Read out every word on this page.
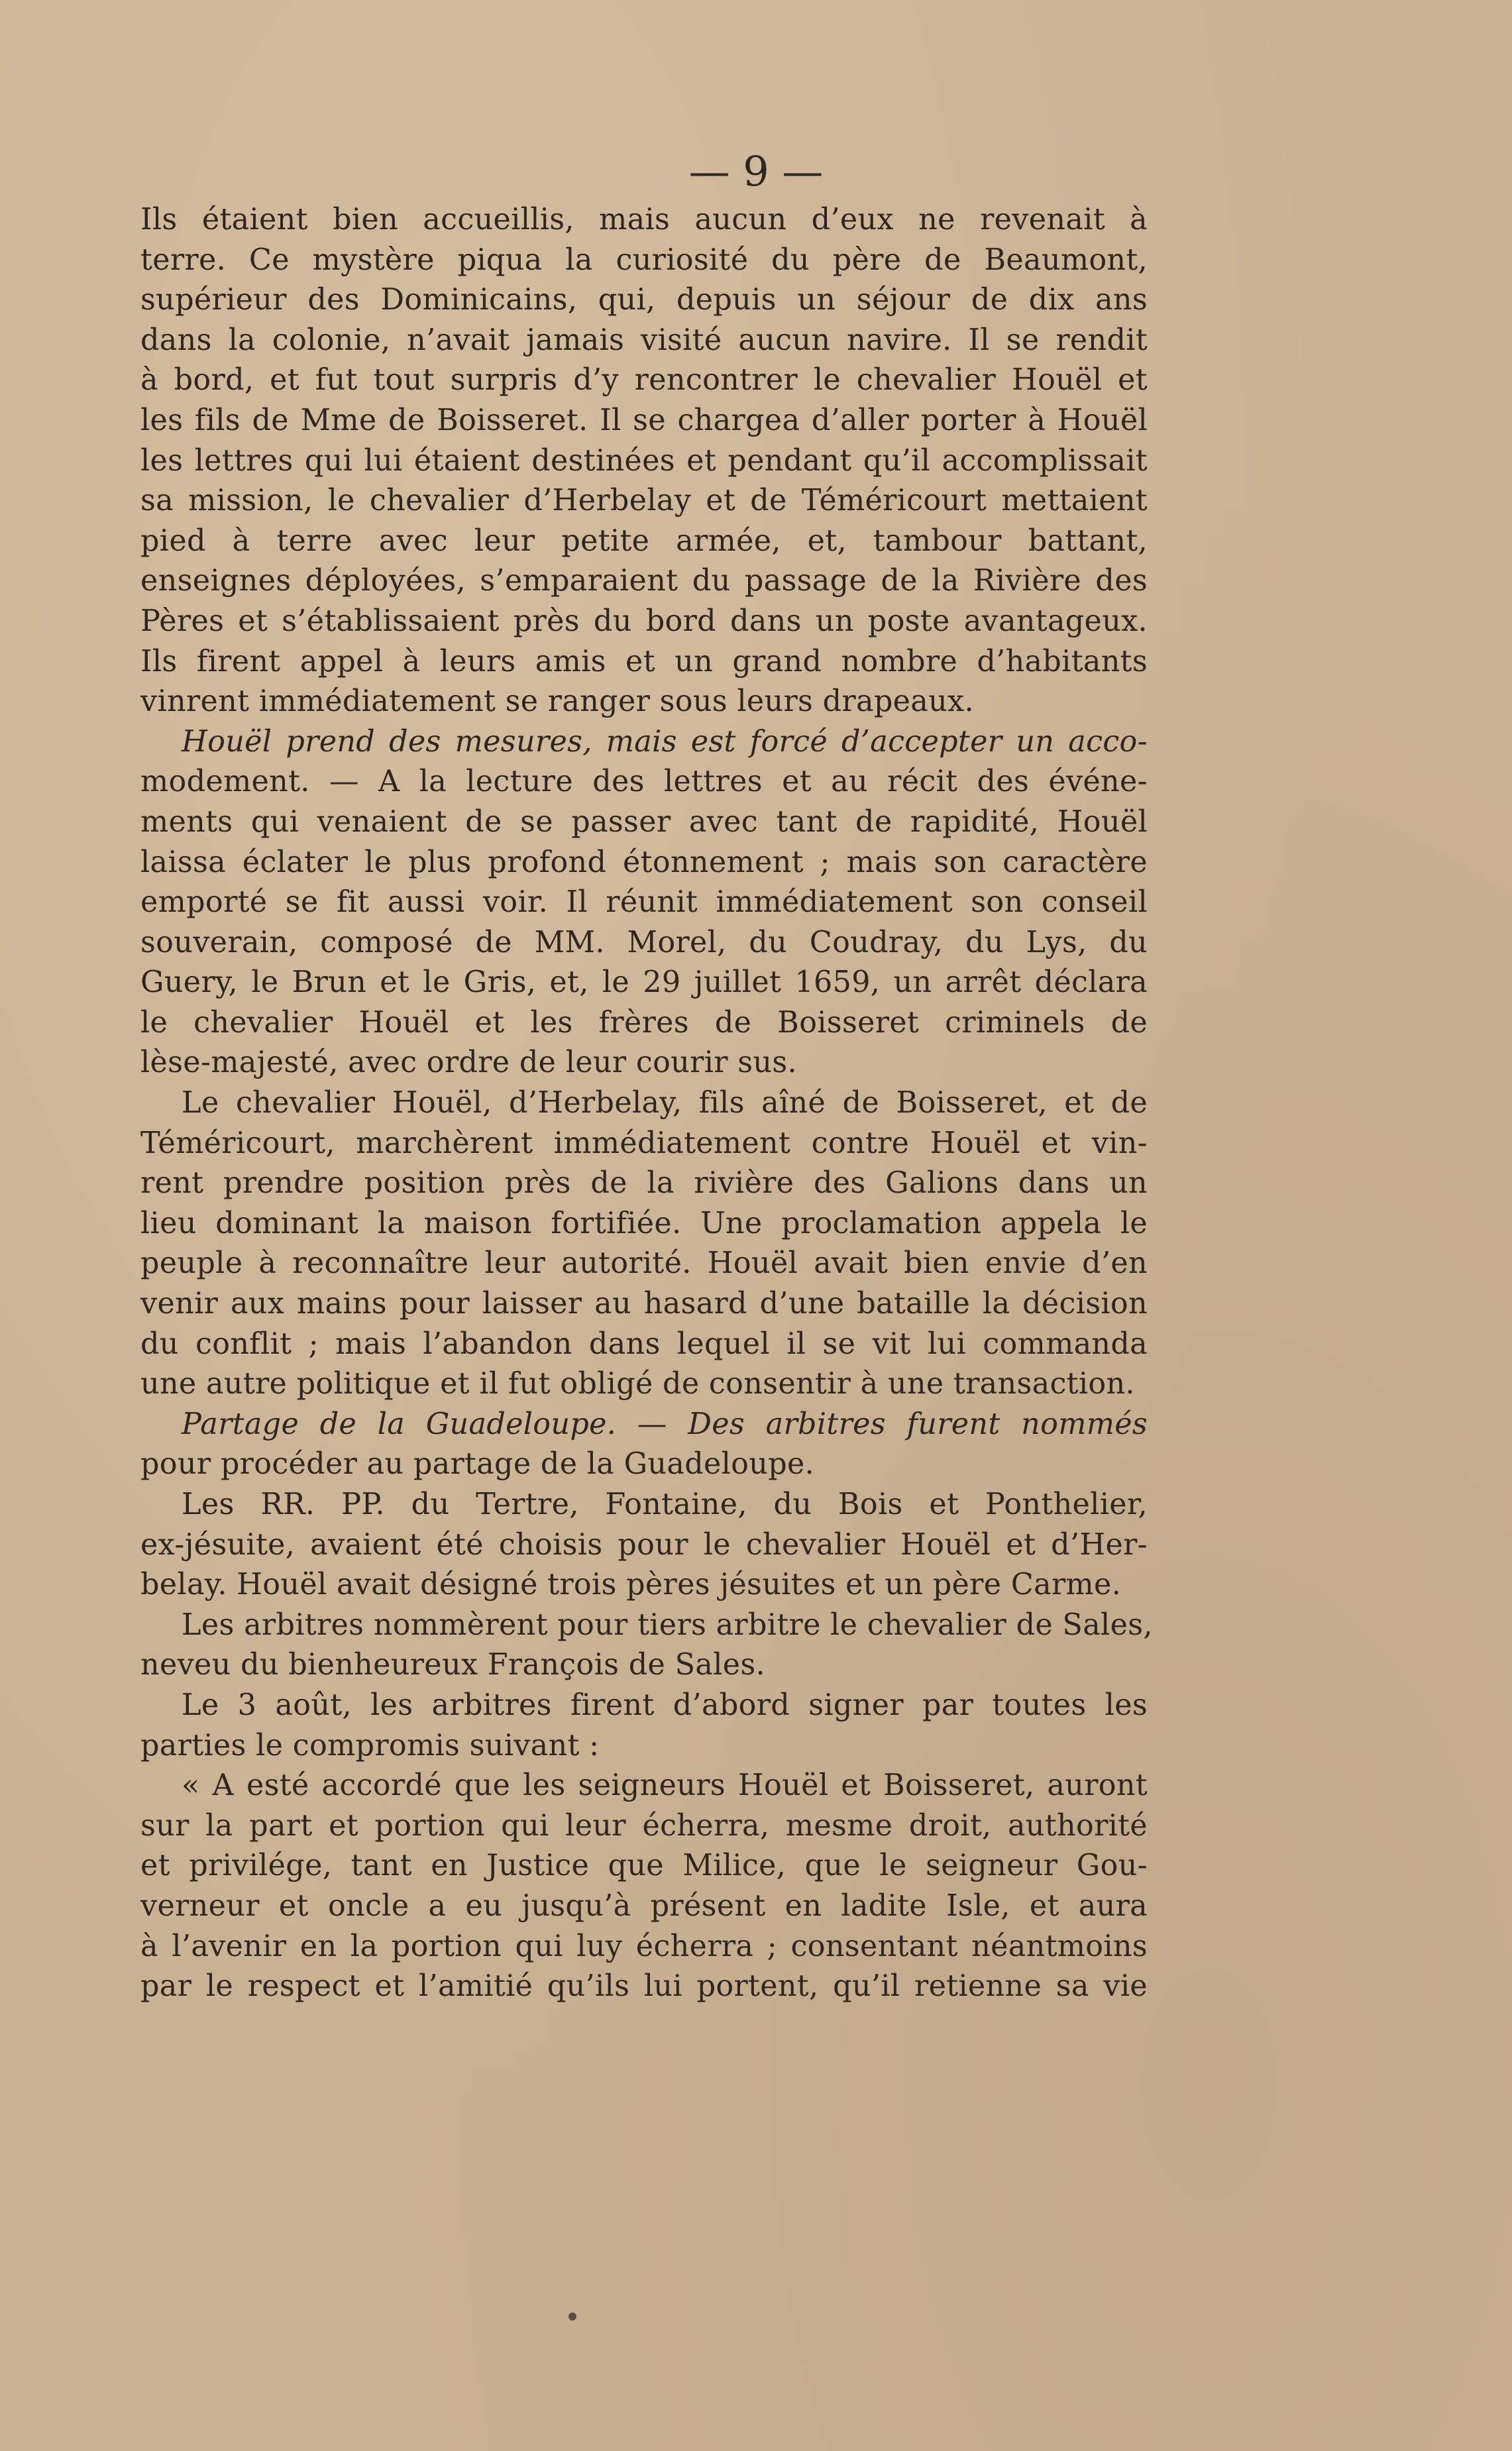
— 9 —
Ils étaient bien accueillis, mais aucun d’eux ne revenait à
terre. Ce mystère piqua la curiosité du père de Beaumont,
supérieur des Dominicains, qui, depuis un séjour de dix ans
dans la colonie, n’avait jamais visité aucun navire. Il se rendit
à bord, et fut tout surpris d’y rencontrer le chevalier Houël et
les fils de Mme de Boisseret. Il se chargea d’aller porter à Houël
les lettres qui lui étaient destinées et pendant qu’il accomplissait
sa mission, le chevalier d’Herbelay et de Téméricourt mettaient
pied à terre avec leur petite armée, et, tambour battant,
enseignes déployées, s’emparaient du passage de la Rivière des
Pères et s’établissaient près du bord dans un poste avantageux.
Ils firent appel à leurs amis et un grand nombre d’habitants
vinrent immédiatement se ranger sous leurs drapeaux.
Houël prend des mesures, mais est forcé d’accepter un acco-
modement. — A la lecture des lettres et au récit des événe-
ments qui venaient de se passer avec tant de rapidité, Houël
laissa éclater le plus profond étonnement ; mais son caractère
emporté se fit aussi voir. Il réunit immédiatement son conseil
souverain, composé de MM. Morel, du Coudray, du Lys, du
Guery, le Brun et le Gris, et, le 29 juillet 1659, un arrêt déclara
le chevalier Houël et les frères de Boisseret criminels de
lèse-majesté, avec ordre de leur courir sus.
Le chevalier Houël, d’Herbelay, fils aîné de Boisseret, et de
Téméricourt, marchèrent immédiatement contre Houël et vin-
rent prendre position près de la rivière des Galions dans un
lieu dominant la maison fortifiée. Une proclamation appela le
peuple à reconnaître leur autorité. Houël avait bien envie d’en
venir aux mains pour laisser au hasard d’une bataille la décision
du conflit ; mais l’abandon dans lequel il se vit lui commanda
une autre politique et il fut obligé de consentir à une transaction.
Partage de la Guadeloupe. — Des arbitres furent nommés
pour procéder au partage de la Guadeloupe.
Les RR. PP. du Tertre, Fontaine, du Bois et Ponthelier,
ex-jésuite, avaient été choisis pour le chevalier Houël et d’Her-
belay. Houël avait désigné trois pères jésuites et un père Carme.
Les arbitres nommèrent pour tiers arbitre le chevalier de Sales,
neveu du bienheureux François de Sales.
Le 3 août, les arbitres firent d’abord signer par toutes les
parties le compromis suivant :
« A esté accordé que les seigneurs Houël et Boisseret, auront
sur la part et portion qui leur écherra, mesme droit, authorité
et privilége, tant en Justice que Milice, que le seigneur Gou-
verneur et oncle a eu jusqu’à présent en ladite Isle, et aura
à l’avenir en la portion qui luy écherra ; consentant néantmoins
par le respect et l’amitié qu’ils lui portent, qu’il retienne sa vie
